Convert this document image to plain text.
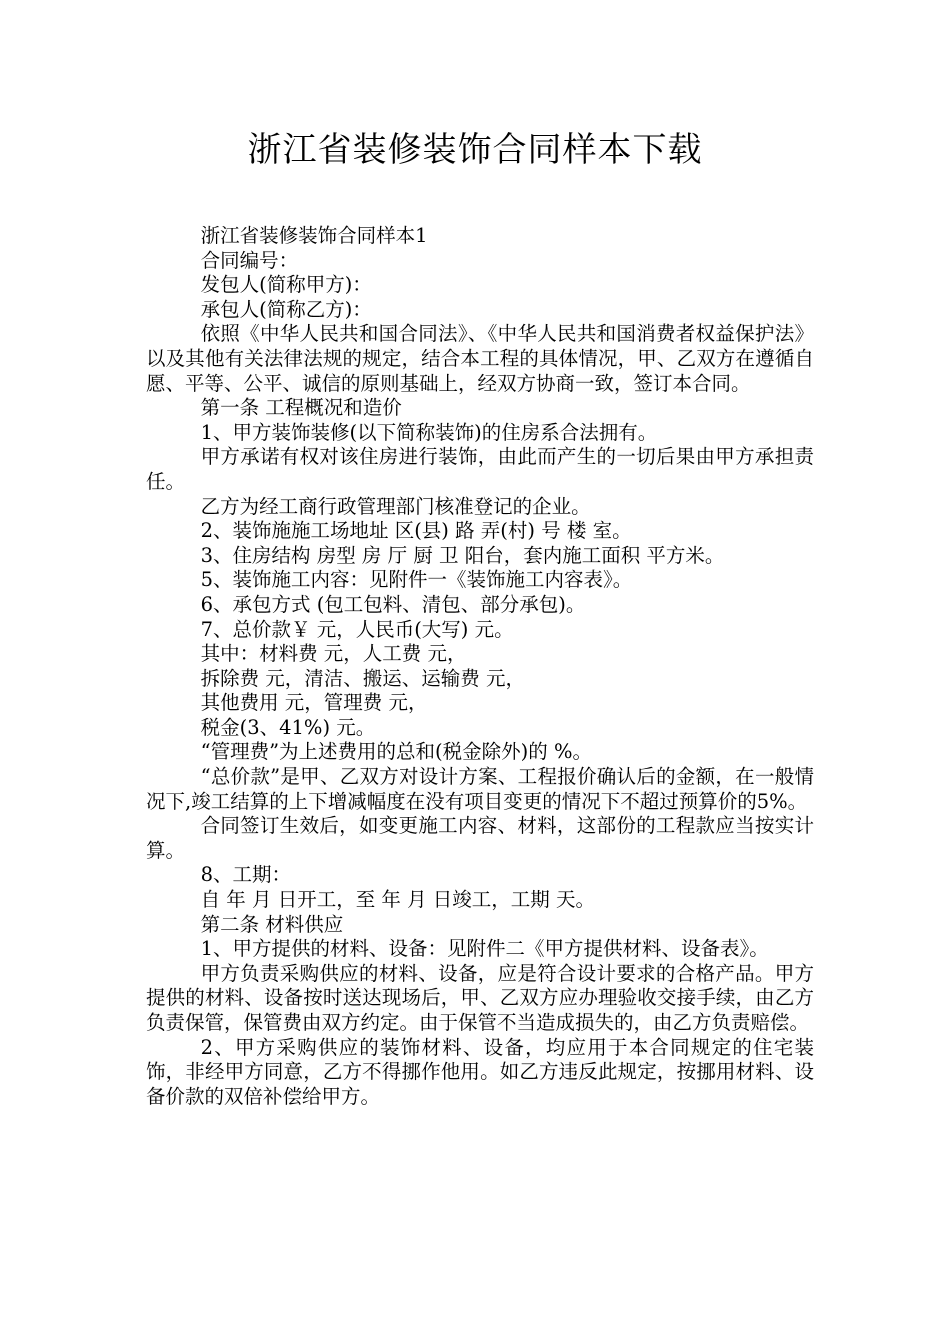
浙江省装修装饰合同样本下载

浙江省装修装饰合同样本1

合同编号：

发包人(简称甲方)：

承包人(简称乙方)：

依照《中华人民共和国合同法》、《中华人民共和国消费者权益保护法》以及其他有关法律法规的规定，结合本工程的具体情况，甲、乙双方在遵循自愿、平等、公平、诚信的原则基础上，经双方协商一致，签订本合同。

第一条 工程概况和造价

1、甲方装饰装修(以下简称装饰)的住房系合法拥有。

甲方承诺有权对该住房进行装饰，由此而产生的一切后果由甲方承担责任。

乙方为经工商行政管理部门核准登记的企业。

2、装饰施施工场地址 区(县) 路 弄(村) 号 楼 室。

3、住房结构 房型 房 厅 厨 卫 阳台，套内施工面积 平方米。

5、装饰施工内容：见附件一《装饰施工内容表》。

6、承包方式 (包工包料、清包、部分承包)。

7、总价款￥ 元，人民币(大写) 元。

其中：材料费 元，人工费 元，

拆除费 元，清洁、搬运、运输费 元，

其他费用 元，管理费 元，

税金(3、41%) 元。

“管理费”为上述费用的总和(税金除外)的 %。

“总价款”是甲、乙双方对设计方案、工程报价确认后的金额，在一般情况下,竣工结算的上下增减幅度在没有项目变更的情况下不超过预算价的5%。

合同签订生效后，如变更施工内容、材料，这部份的工程款应当按实计算。

8、工期：

自 年 月 日开工，至 年 月 日竣工，工期 天。

第二条 材料供应

1、甲方提供的材料、设备：见附件二《甲方提供材料、设备表》。

甲方负责采购供应的材料、设备，应是符合设计要求的合格产品。甲方提供的材料、设备按时送达现场后，甲、乙双方应办理验收交接手续，由乙方负责保管，保管费由双方约定。由于保管不当造成损失的，由乙方负责赔偿。

2、甲方采购供应的装饰材料、设备，均应用于本合同规定的住宅装饰，非经甲方同意，乙方不得挪作他用。如乙方违反此规定，按挪用材料、设备价款的双倍补偿给甲方。
